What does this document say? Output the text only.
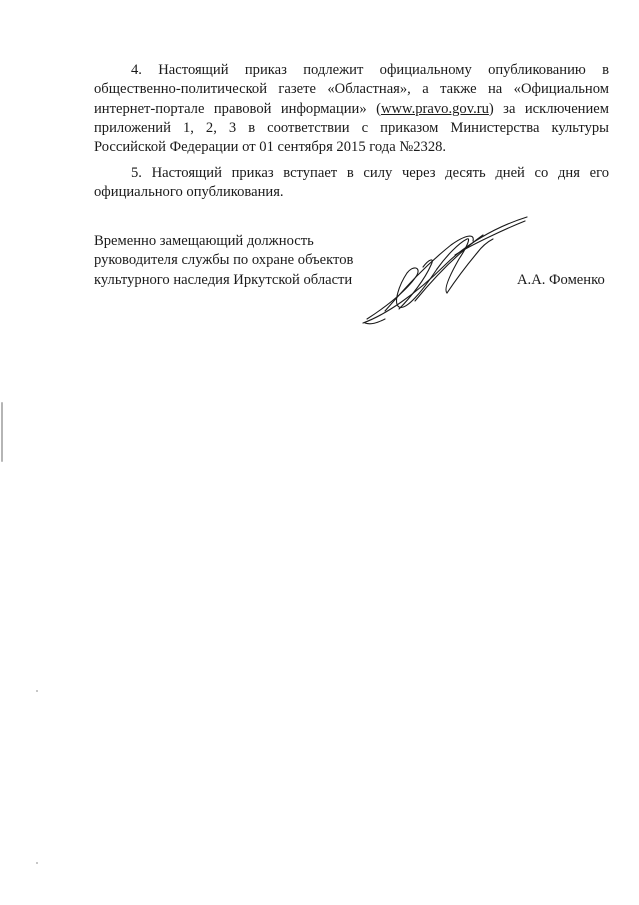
4. Настоящий приказ подлежит официальному опубликованию в общественно-политической газете «Областная», а также на «Официальном интернет-портале правовой информации» (www.pravo.gov.ru) за исключением приложений 1, 2, 3 в соответствии с приказом Министерства культуры Российской Федерации от 01 сентября 2015 года №2328.

5. Настоящий приказ вступает в силу через десять дней со дня его официального опубликования.

Временно замещающий должность
руководителя службы по охране объектов
культурного наследия Иркутской области	А.А. Фоменко
